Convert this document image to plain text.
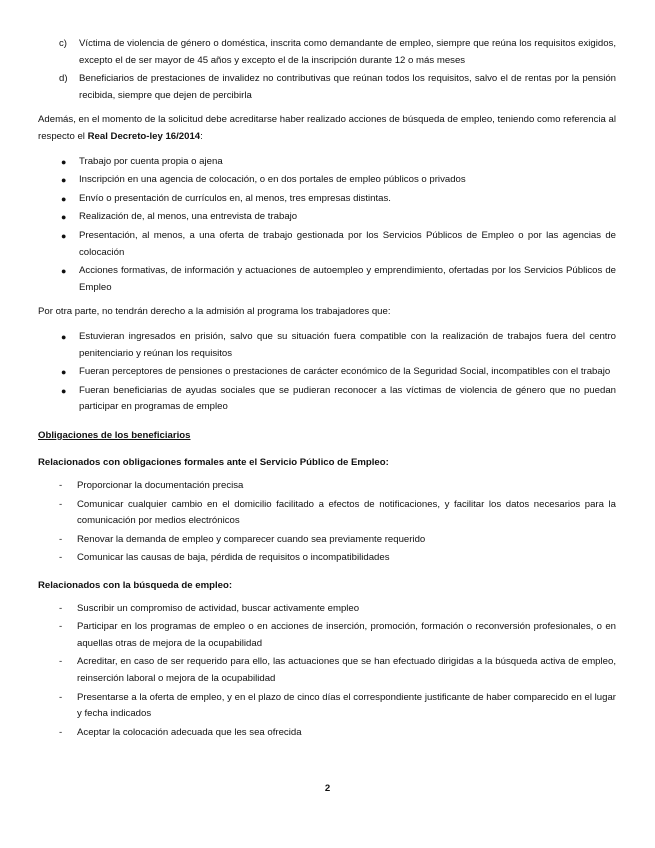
c)	Víctima de violencia de género o doméstica, inscrita como demandante de empleo, siempre que reúna los requisitos exigidos, excepto el de ser mayor de 45 años y excepto el de la inscripción durante 12 o más meses
d)	Beneficiarios de prestaciones de invalidez no contributivas que reúnan todos los requisitos, salvo el de rentas por la pensión recibida, siempre que dejen de percibirla

Además, en el momento de la solicitud debe acreditarse haber realizado acciones de búsqueda de empleo, teniendo como referencia al respecto el Real Decreto-ley 16/2014:

●	Trabajo por cuenta propia o ajena
●	Inscripción en una agencia de colocación, o en dos portales de empleo públicos o privados
●	Envío o presentación de currículos en, al menos, tres empresas distintas.
●	Realización de, al menos, una entrevista de trabajo
●	Presentación, al menos, a una oferta de trabajo gestionada por los Servicios Públicos de Empleo o por las agencias de colocación
●	Acciones formativas, de información y actuaciones de autoempleo y emprendimiento, ofertadas por los Servicios Públicos de Empleo

Por otra parte, no tendrán derecho a la admisión al programa los trabajadores que:

●	Estuvieran ingresados en prisión, salvo que su situación fuera compatible con la realización de trabajos fuera del centro penitenciario y reúnan los requisitos
●	Fueran perceptores de pensiones o prestaciones de carácter económico de la Seguridad Social, incompatibles con el trabajo
●	Fueran beneficiarias de ayudas sociales que se pudieran reconocer a las víctimas de violencia de género que no puedan participar en programas de empleo
Obligaciones de los beneficiarios
Relacionados con obligaciones formales ante el Servicio Público de Empleo:
-	Proporcionar la documentación precisa
-	Comunicar cualquier cambio en el domicilio facilitado a efectos de notificaciones, y facilitar los datos necesarios para la comunicación por medios electrónicos
-	Renovar la demanda de empleo y comparecer cuando sea previamente requerido
-	Comunicar las causas de baja, pérdida de requisitos o incompatibilidades
Relacionados con la búsqueda de empleo:
-	Suscribir un compromiso de actividad, buscar activamente empleo
-	Participar en los programas de empleo o en acciones de inserción, promoción, formación o reconversión profesionales, o en aquellas otras de mejora de la ocupabilidad
-	Acreditar, en caso de ser requerido para ello, las actuaciones que se han efectuado dirigidas a la búsqueda activa de empleo, reinserción laboral o mejora de la ocupabilidad
-	Presentarse a la oferta de empleo, y en el plazo de cinco días el correspondiente justificante de haber comparecido en el lugar y fecha indicados
-	Aceptar la colocación adecuada que les sea ofrecida
2
